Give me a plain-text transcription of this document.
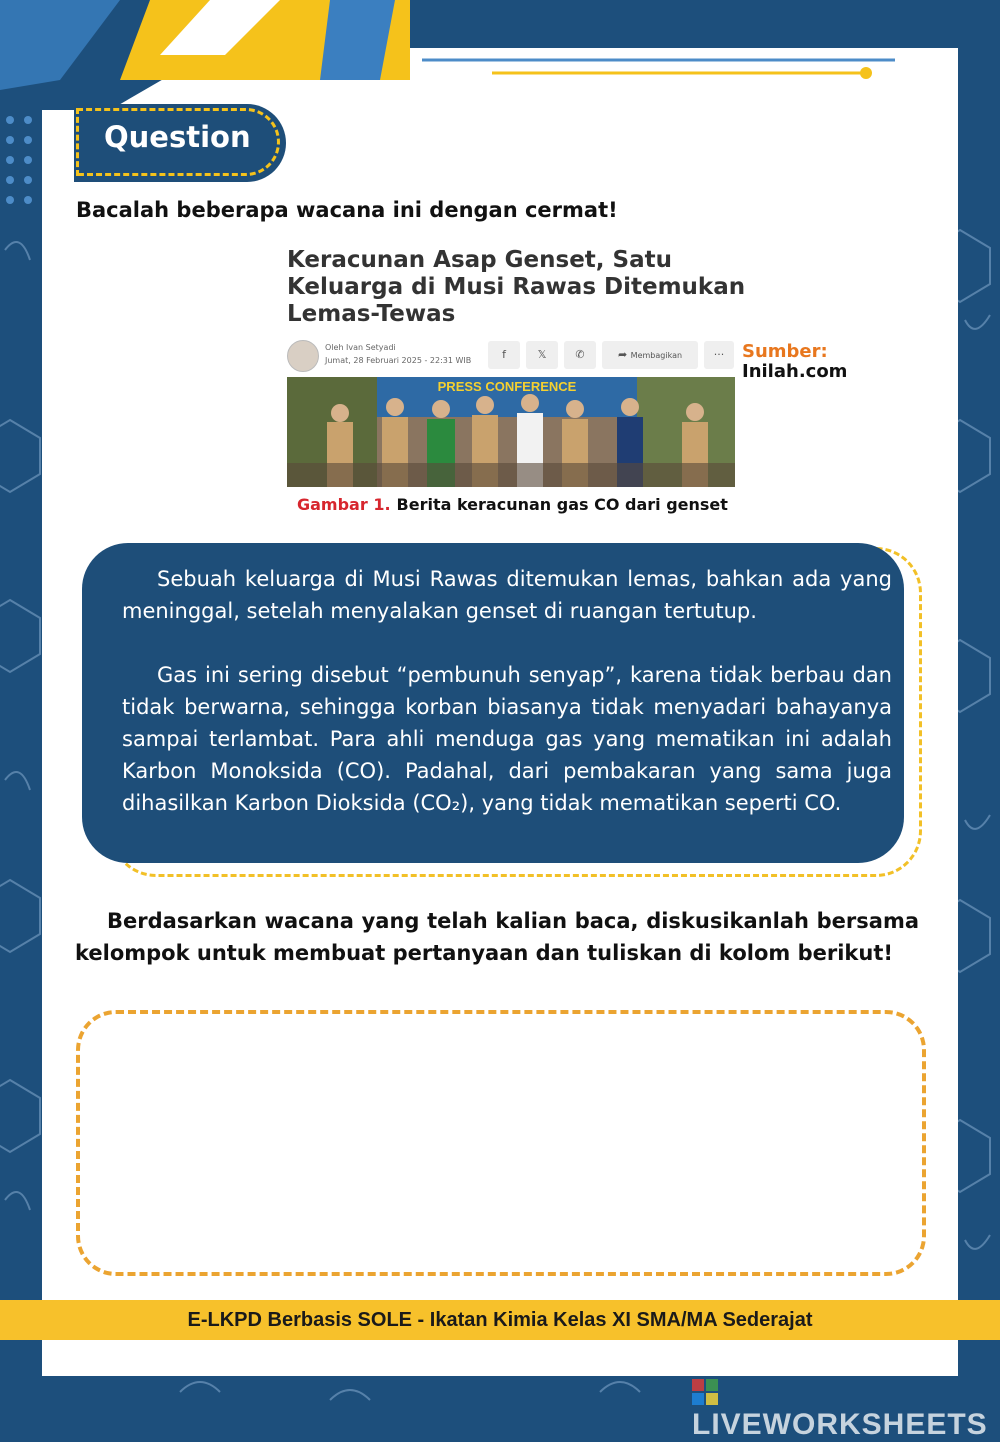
Question
Bacalah beberapa wacana ini dengan cermat!
Keracunan Asap Genset, Satu Keluarga di Musi Rawas Ditemukan Lemas-Tewas
Oleh Ivan Setyadi
Jumat, 28 Februari 2025 - 22:31 WIB	f	𝕏	✆	➦ Membagikan	···
PRESS CONFERENCE
Sumber:
Inilah.com
Gambar 1. Berita keracunan gas CO dari genset
Sebuah keluarga di Musi Rawas ditemukan lemas, bahkan ada yang meninggal, setelah menyalakan genset di ruangan tertutup.
Gas ini sering disebut “pembunuh senyap”, karena tidak berbau dan tidak berwarna, sehingga korban biasanya tidak menyadari bahayanya sampai terlambat. Para ahli menduga gas yang mematikan ini adalah Karbon Monoksida (CO). Padahal, dari pembakaran yang sama juga dihasilkan Karbon Dioksida (CO₂), yang tidak mematikan seperti CO.
Berdasarkan wacana yang telah kalian baca, diskusikanlah bersama kelompok untuk membuat pertanyaan dan tuliskan di kolom berikut!
E-LKPD Berbasis SOLE - Ikatan Kimia Kelas XI SMA/MA Sederajat
LIVEWORKSHEETS
